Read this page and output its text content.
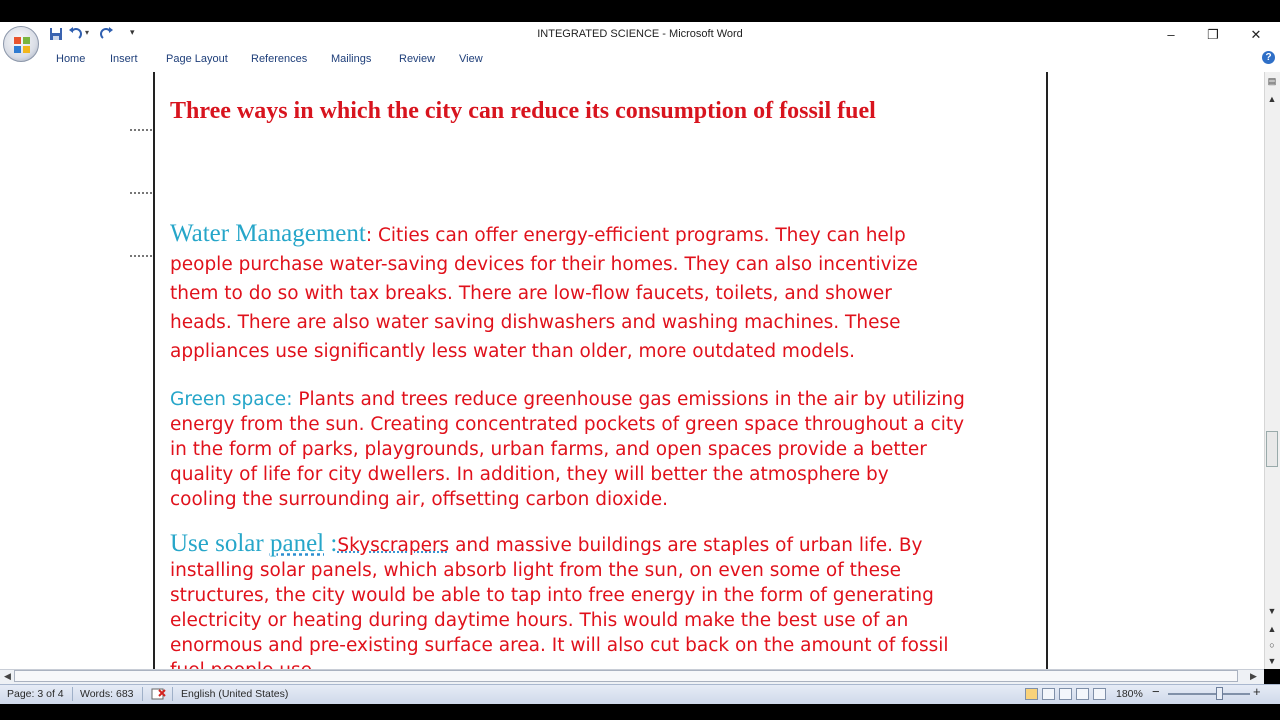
▾	▾	INTEGRATED SCIENCE - Microsoft Word	–	❐	✕
Home Insert	Page Layout References Mailings	Review View	?
Three ways in which the city can reduce its consumption of fossil fuel
Water Management: Cities can offer energy-efficient programs. They can help
people purchase water-saving devices for their homes. They can also incentivize
them to do so with tax breaks. There are low-flow faucets, toilets, and shower
heads. There are also water saving dishwashers and washing machines. These
appliances use significantly less water than older, more outdated models.
Green space: Plants and trees reduce greenhouse gas emissions in the air by utilizing
energy from the sun. Creating concentrated pockets of green space throughout a city
in the form of parks, playgrounds, urban farms, and open spaces provide a better
quality of life for city dwellers. In addition, they will better the atmosphere by
cooling the surrounding air, offsetting carbon dioxide.
Use solar panel :Skyscrapers and massive buildings are staples of urban life. By
installing solar panels, which absorb light from the sun, on even some of these
structures, the city would be able to tap into free energy in the form of generating
electricity or heating during daytime hours. This would make the best use of an
enormous and pre-existing surface area. It will also cut back on the amount of fossil
▤
▲
▼
▲
○
▼
◀	▶
Page: 3 of 4 Words: 683	English (United States)	180% −	+
